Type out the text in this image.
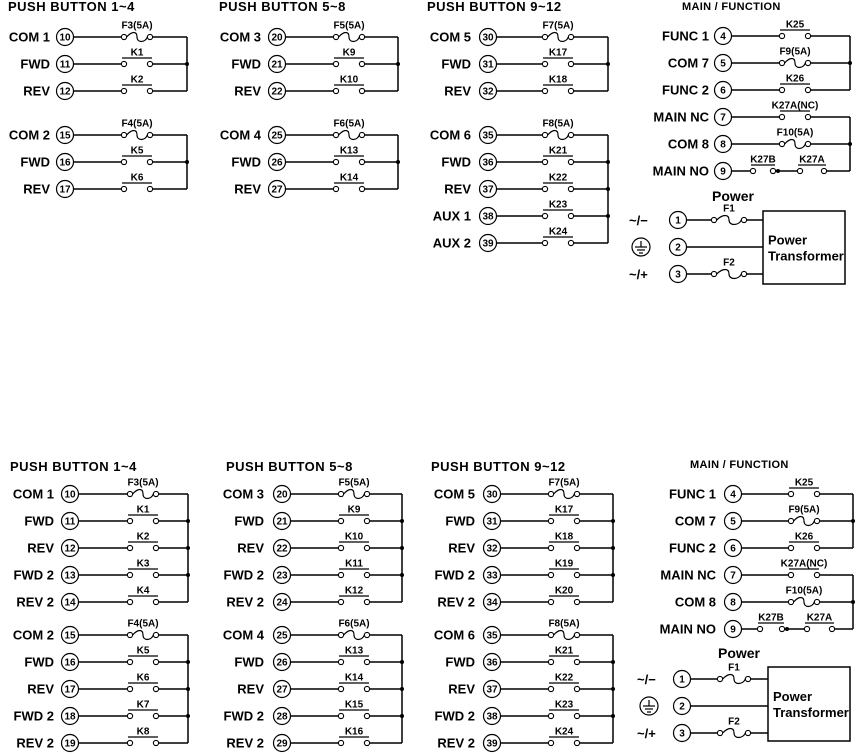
PUSH BUTTON 1~4
COM 1 10
F3(5A)
FWD 11
K1
REV 12
K2
COM 2 15
F4(5A)
FWD 16
K5
REV 17
K6
PUSH BUTTON 5~8
COM 3 20
F5(5A)
FWD 21
K9
REV 22
K10
COM 4 25
F6(5A)
FWD 26
K13
REV 27
K14
PUSH BUTTON 9~12
COM 5 30
F7(5A)
FWD 31
K17
REV 32
K18
COM 6 35
F8(5A)
FWD 36
K21
REV 37
K22
AUX 1 38
K23
AUX 2 39
K24
MAIN / FUNCTION
FUNC 1 4
K25
COM 7 5
F9(5A)
FUNC 2 6
K26
MAIN NC 7
K27A(NC)
COM 8 8
F10(5A)
MAIN NO 9
K27B K27A
Power
Power
Transformer
~/−	1
F1
2
~/+	3
F2
PUSH BUTTON 1~4
COM 1 10
F3(5A)
FWD 11
K1
REV 12
K2
FWD 2 13
K3
REV 2 14
K4
COM 2 15
F4(5A)
FWD 16
K5
REV 17
K6
FWD 2 18
K7
REV 2 19
K8
PUSH BUTTON 5~8
COM 3 20
F5(5A)
FWD 21
K9
REV 22
K10
FWD 2 23
K11
REV 2 24
K12
COM 4 25
F6(5A)
FWD 26
K13
REV 27
K14
FWD 2 28
K15
REV 2 29
K16
PUSH BUTTON 9~12
COM 5 30
F7(5A)
FWD 31
K17
REV 32
K18
FWD 2 33
K19
REV 2 34
K20
COM 6 35
F8(5A)
FWD 36
K21
REV 37
K22
FWD 2 38
K23
REV 2 39
K24
MAIN / FUNCTION
FUNC 1 4
K25
COM 7 5
F9(5A)
FUNC 2 6
K26
MAIN NC 7
K27A(NC)
COM 8 8
F10(5A)
MAIN NO 9
K27B K27A
Power
Power
Transformer
~/− 1
F1
2
~/+ 3
F2
